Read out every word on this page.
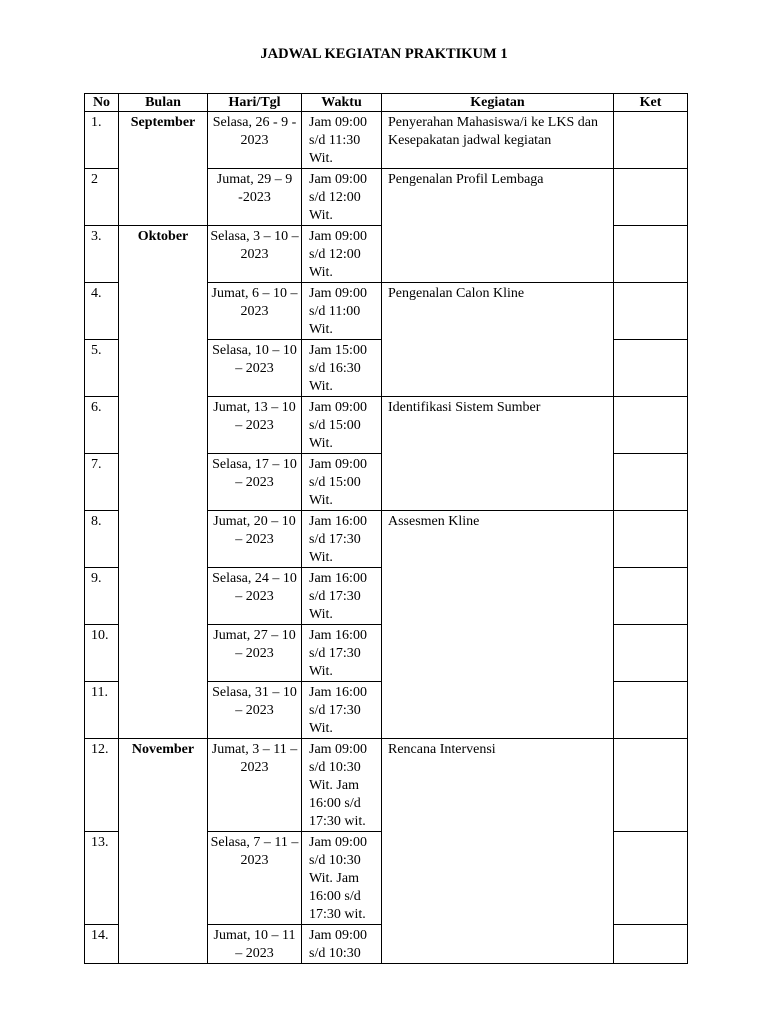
JADWAL KEGIATAN PRAKTIKUM 1
No	Bulan	Hari/Tgl	Waktu	Kegiatan	Ket
1.	September	Selasa, 26 - 9 - 2023	Jam 09:00 s/d 11:30 Wit.	Penyerahan Mahasiswa/i ke LKS dan Kesepakatan jadwal kegiatan	
2		Jumat, 29 – 9 -2023	Jam 09:00 s/d 12:00 Wit.	Pengenalan Profil Lembaga	
3.	Oktober	Selasa, 3 – 10 – 2023	Jam 09:00 s/d 12:00 Wit.		
4.		Jumat, 6 – 10 – 2023	Jam 09:00 s/d 11:00 Wit.	Pengenalan Calon Kline	
5.		Selasa, 10 – 10 – 2023	Jam 15:00 s/d 16:30 Wit.		
6.		Jumat, 13 – 10 – 2023	Jam 09:00 s/d 15:00 Wit.	Identifikasi Sistem Sumber	
7.		Selasa, 17 – 10 – 2023	Jam 09:00 s/d 15:00 Wit.		
8.		Jumat, 20 – 10 – 2023	Jam 16:00 s/d 17:30 Wit.	Assesmen Kline	
9.		Selasa, 24 – 10 – 2023	Jam 16:00 s/d 17:30 Wit.		
10.		Jumat, 27 – 10 – 2023	Jam 16:00 s/d 17:30 Wit.		
11.		Selasa, 31 – 10 – 2023	Jam 16:00 s/d 17:30 Wit.		
12.	November	Jumat, 3 – 11 – 2023	Jam 09:00 s/d 10:30 Wit. Jam 16:00 s/d 17:30 wit.	Rencana Intervensi	
13.		Selasa, 7 – 11 – 2023	Jam 09:00 s/d 10:30 Wit. Jam 16:00 s/d 17:30 wit.		
14.		Jumat, 10 – 11 – 2023	Jam 09:00 s/d 10:30		
